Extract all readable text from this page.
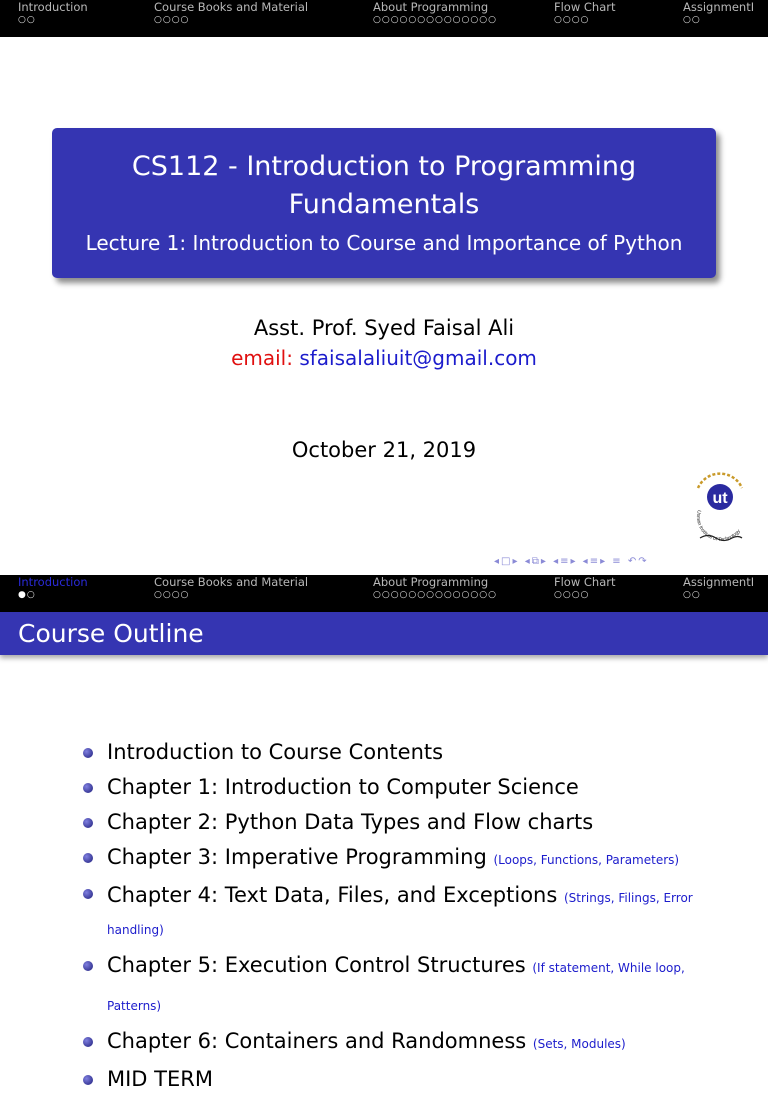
Introduction
○○
Course Books and Material
○○○○
About Programming
○○○○○○○○○○○○○○
Flow Chart
○○○○
AssignmentI
○○
CS112 - Introduction to Programming
Fundamentals
Lecture 1: Introduction to Course and Importance of Python
Asst. Prof. Syed Faisal Ali
email: sfaisalaliuit@gmail.com
October 21, 2019
ut
Usman Institute of Technology
◂□▸ ◂⧉▸ ◂≡▸ ◂≡▸ ≡ ↶↷
Introduction
●○
Course Books and Material
○○○○
About Programming
○○○○○○○○○○○○○○
Flow Chart
○○○○
AssignmentI
○○
Course Outline
Introduction to Course Contents
Chapter 1: Introduction to Computer Science
Chapter 2: Python Data Types and Flow charts
Chapter 3: Imperative Programming (Loops, Functions, Parameters)
Chapter 4: Text Data, Files, and Exceptions (Strings, Filings, Error handling)
Chapter 5: Execution Control Structures (If statement, While loop, Patterns)
Chapter 6: Containers and Randomness (Sets, Modules)
MID TERM
